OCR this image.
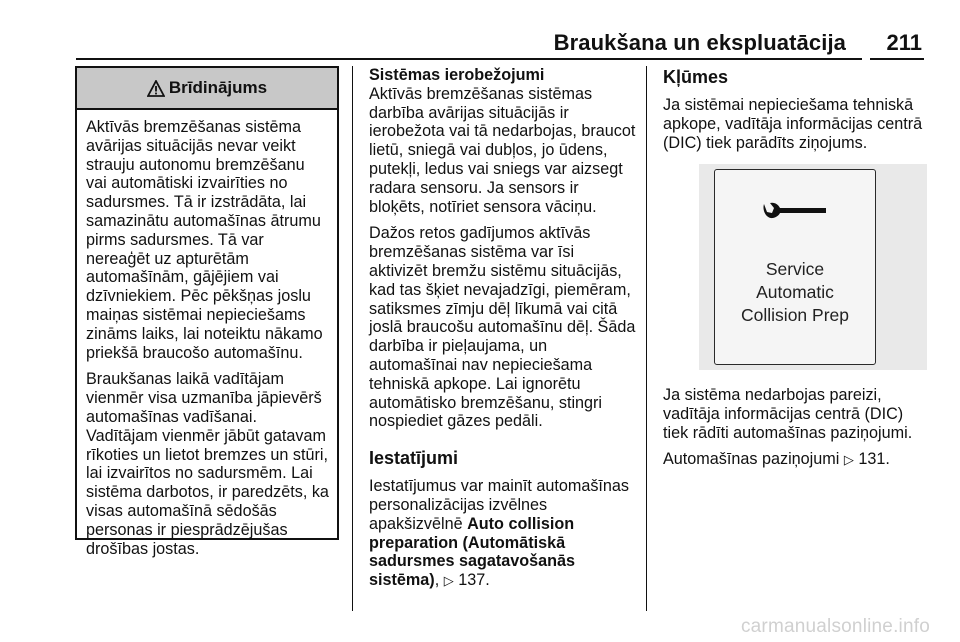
Braukšana un ekspluatācija 211
Brīdinājums

Aktīvās bremzēšanas sistēma avārijas situācijās nevar veikt strauju autonomu bremzēšanu vai automātiski izvairīties no sadursmes. Tā ir izstrādāta, lai samazinātu automašīnas ātrumu pirms sadursmes. Tā var nereaģēt uz apturētām automašīnām, gājējiem vai dzīvniekiem. Pēc pēkšņas joslu maiņas sistēmai nepieciešams zināms laiks, lai noteiktu nākamo priekšā braucošo automašīnu.

Braukšanas laikā vadītājam vienmēr visa uzmanība jāpievērš automašīnas vadīšanai. Vadītājam vienmēr jābūt gatavam rīkoties un lietot bremzes un stūri, lai izvairītos no sadursmēm. Lai sistēma darbotos, ir paredzēts, ka visas automašīnā sēdošās personas ir piesprādzējušas drošības jostas.

Sistēmas ierobežojumi

Aktīvās bremzēšanas sistēmas darbība avārijas situācijās ir ierobežota vai tā nedarbojas, braucot lietū, sniegā vai dubļos, jo ūdens, putekļi, ledus vai sniegs var aizsegt radara sensoru. Ja sensors ir bloķēts, notīriet sensora vāciņu.

Dažos retos gadījumos aktīvās bremzēšanas sistēma var īsi aktivizēt bremžu sistēmu situācijās, kad tas šķiet nevajadzīgi, piemēram, satiksmes zīmju dēļ līkumā vai citā joslā braucošu automašīnu dēļ. Šāda darbība ir pieļaujama, un automašīnai nav nepieciešama tehniskā apkope. Lai ignorētu automātisko bremzēšanu, stingri nospiediet gāzes pedāli.

Iestatījumi

Iestatījumus var mainīt automašīnas personalizācijas izvēlnes apakšizvēlnē Auto collision preparation (Automātiskā sadursmes sagatavošanās sistēma), ▷ 137.

Kļūmes

Ja sistēmai nepieciešama tehniskā apkope, vadītāja informācijas centrā (DIC) tiek parādīts ziņojums.

Service
Automatic
Collision Prep

Ja sistēma nedarbojas pareizi, vadītāja informācijas centrā (DIC) tiek rādīti automašīnas paziņojumi.

Automašīnas paziņojumi ▷ 131.

carmanualsonline.info
